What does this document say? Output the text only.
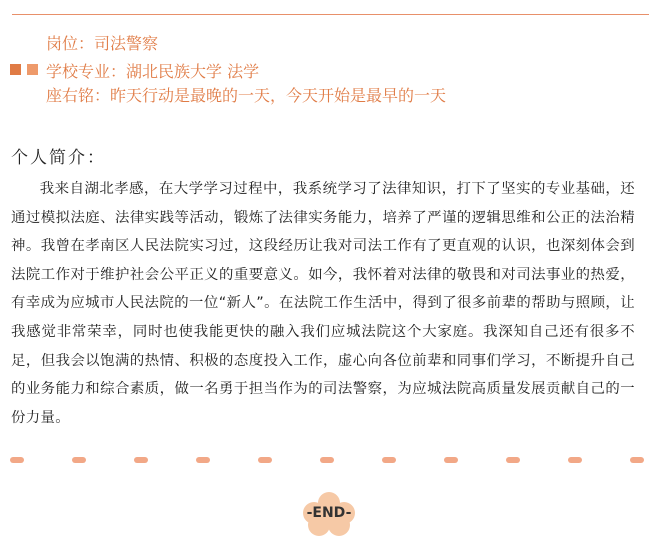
岗位：司法警察
学校专业：湖北民族大学 法学
座右铭：昨天行动是最晚的一天，今天开始是最早的一天
个人简介：

我来自湖北孝感，在大学学习过程中，我系统学习了法律知识，打下了坚实的专业基础，还通过模拟法庭、法律实践等活动，锻炼了法律实务能力，培养了严谨的逻辑思维和公正的法治精神。我曾在孝南区人民法院实习过，这段经历让我对司法工作有了更直观的认识，也深刻体会到法院工作对于维护社会公平正义的重要意义。如今，我怀着对法律的敬畏和对司法事业的热爱，有幸成为应城市人民法院的一位“新人”。在法院工作生活中，得到了很多前辈的帮助与照顾，让我感觉非常荣幸，同时也使我能更快的融入我们应城法院这个大家庭。我深知自己还有很多不足，但我会以饱满的热情、积极的态度投入工作，虚心向各位前辈和同事们学习，不断提升自己的业务能力和综合素质，做一名勇于担当作为的司法警察，为应城法院高质量发展贡献自己的一份力量。

-END-
